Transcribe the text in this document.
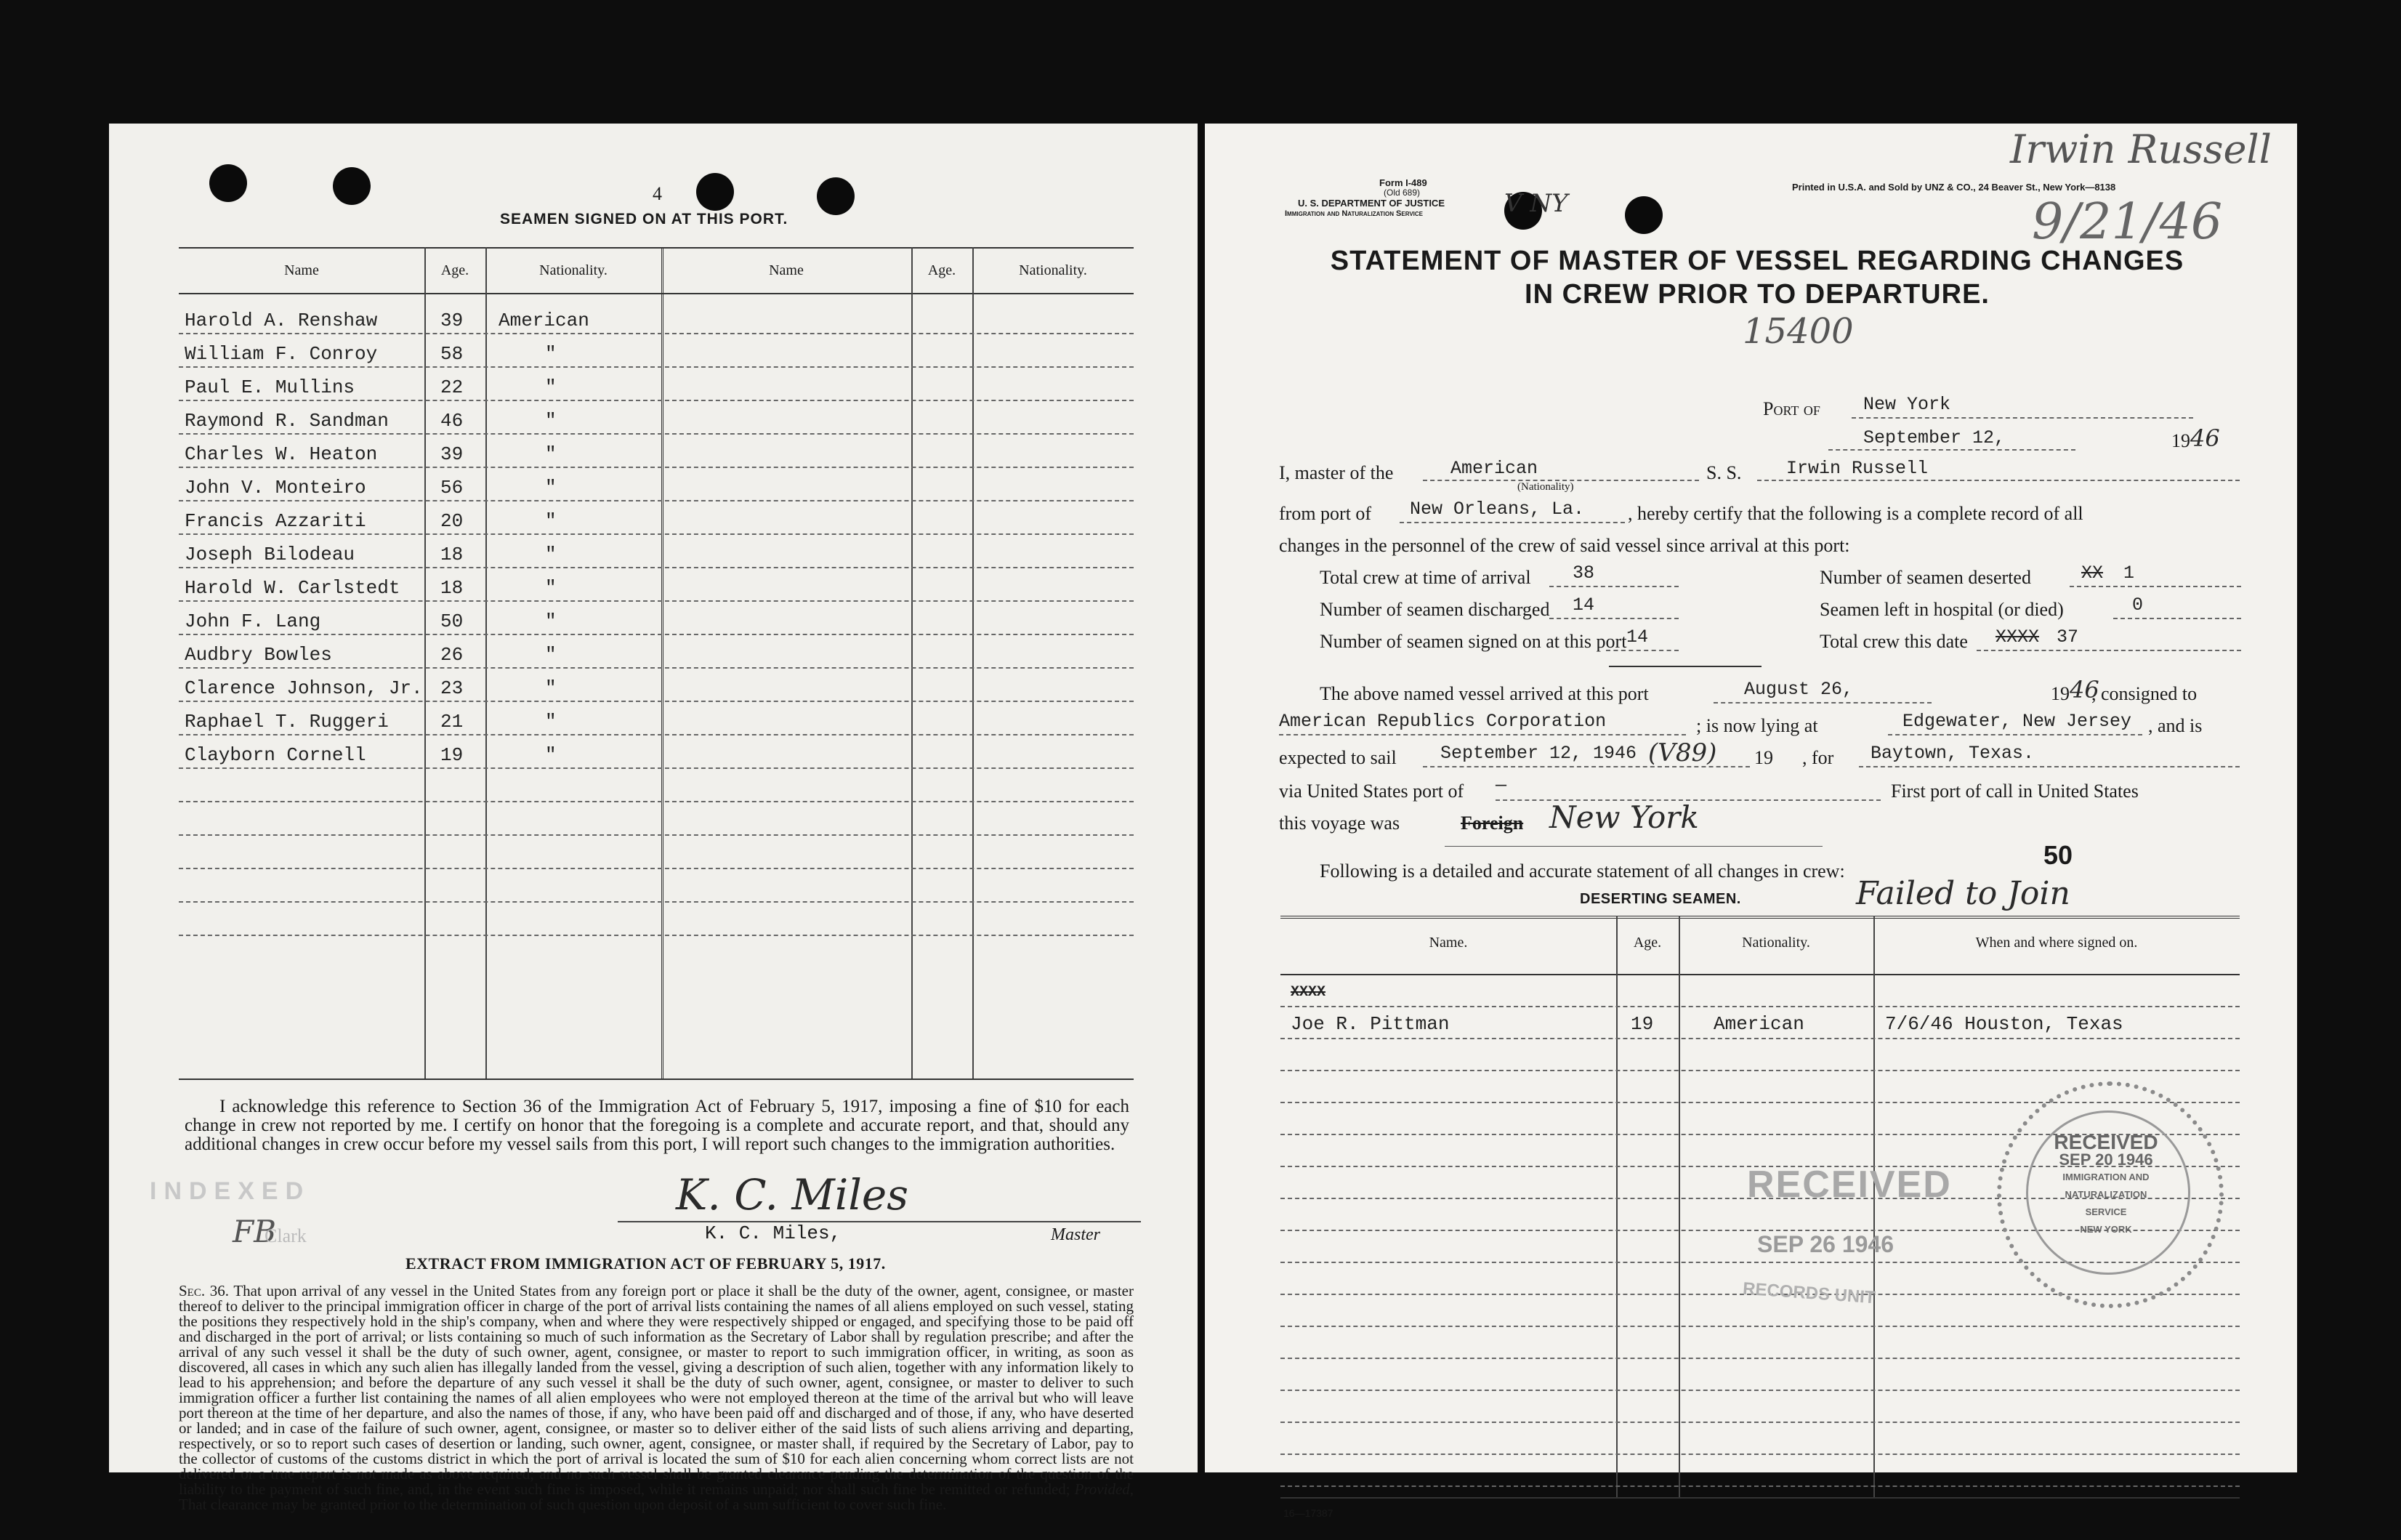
4
SEAMEN SIGNED ON AT THIS PORT.
Name	Age.	Nationality.	Name	Age.	Nationality.
Harold A. Renshaw	39 American
William F. Conroy	58	"
Paul E. Mullins	22	"
Raymond R. Sandman	46	"
Charles W. Heaton	39	"
John V. Monteiro	56	"
Francis Azzariti	20	"
Joseph Bilodeau	18	"
Harold W. Carlstedt 18	"
John F. Lang	50	"
Audbry Bowles	26	"
Clarence Johnson, Jr. 23	"
Raphael T. Ruggeri	21	"
Clayborn Cornell	19	"
I acknowledge this reference to Section 36 of the Immigration Act of February 5, 1917, imposing a fine of $10 for each change in crew not reported by me. I certify on honor that the foregoing is a complete and accurate report, and that, should any additional changes in crew occur before my vessel sails from this port, I will report such changes to the immigration authorities.
INDEXED
FB
Clark
K. C. Miles
K. C. Miles,	Master
EXTRACT FROM IMMIGRATION ACT OF FEBRUARY 5, 1917.
Sec. 36. That upon arrival of any vessel in the United States from any foreign port or place it shall be the duty of the owner, agent, consignee, or master thereof to deliver to the principal immigration officer in charge of the port of arrival lists containing the names of all aliens employed on such vessel, stating the positions they respectively hold in the ship's company, when and where they were respectively shipped or engaged, and specifying those to be paid off and discharged in the port of arrival; or lists containing so much of such information as the Secretary of Labor shall by regulation prescribe; and after the arrival of any such vessel it shall be the duty of such owner, agent, consignee, or master to report to such immigration officer, in writing, as soon as discovered, all cases in which any such alien has illegally landed from the vessel, giving a description of such alien, together with any information likely to lead to his apprehension; and before the departure of any such vessel it shall be the duty of such owner, agent, consignee, or master to deliver to such immigration officer a further list containing the names of all alien employees who were not employed thereon at the time of the arrival but who will leave port thereon at the time of her departure, and also the names of those, if any, who have been paid off and discharged and of those, if any, who have deserted or landed; and in case of the failure of such owner, agent, consignee, or master so to deliver either of the said lists of such aliens arriving and departing, respectively, or so to report such cases of desertion or landing, such owner, agent, consignee, or master shall, if required by the Secretary of Labor, pay to the collector of customs of the customs district in which the port of arrival is located the sum of $10 for each alien concerning whom correct lists are not delivered or a true report is not made as above required; and no such vessel shall be granted clearance pending the determination of the question of the liability to the payment of such fine, and, in the event such fine is imposed, while it remains unpaid; nor shall such fine be remitted or refunded; Provided, That clearance may be granted prior to the determination of such question upon deposit of a sum sufficient to cover such fine.
Form I-489
(Old 689)
U. S. DEPARTMENT OF JUSTICE
Immigration and Naturalization Service
Printed in U.S.A. and Sold by UNZ & CO., 24 Beaver St., New York—8138
Irwin Russell
9/21/46
V NY
STATEMENT OF MASTER OF VESSEL REGARDING CHANGES
IN CREW PRIOR TO DEPARTURE.
15400
Port of New York
September 12,	19 46
I, master of the	American
(Nationality)
S. S. Irwin Russell
from port of New Orleans, La. , hereby certify that the following is a complete record of all
changes in the personnel of the crew of said vessel since arrival at this port:
Total crew at time of arrival 38
Number of seamen discharged 14
Number of seamen signed on at this port 14
Number of seamen deserted	XX 1
Seamen left in hospital (or died)	0
Total crew this date XXXX 37
The above named vessel arrived at this port	August 26,	19 46
, consigned to
American Republics Corporation	; is now lying at	Edgewater, New Jersey , and is
expected to sail September 12, 1946 (V89) 19 , for Baytown, Texas.
via United States port of —	First port of call in United States
this voyage was	Foreign New York
50
Following is a detailed and accurate statement of all changes in crew:
DESERTING SEAMEN.	Failed to Join
Name.	Age.	Nationality.	When and where signed on.
XXXX
Joe R. Pittman	19	American	7/6/46 Houston, Texas
RECEIVED
SEP 26 1946
RECORDS UNIT
RECEIVED
SEP 20 1946
IMMIGRATION AND
NATURALIZATION
SERVICE
NEW YORK
16—17387
